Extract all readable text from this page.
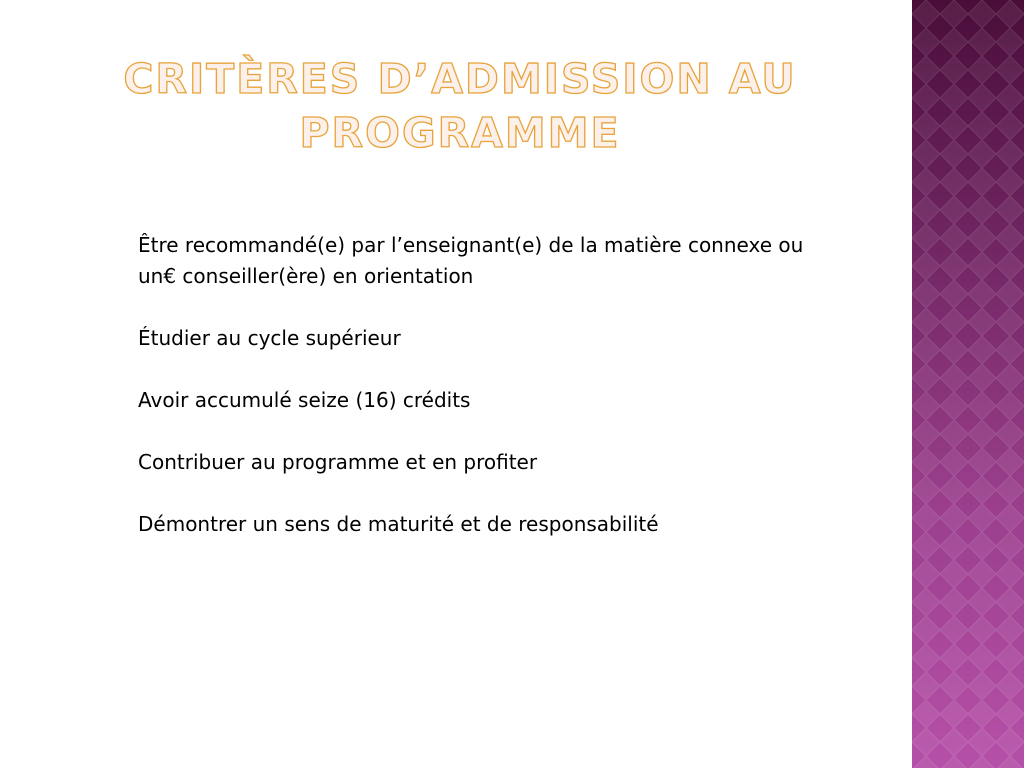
CRITÈRES D’ADMISSION AU PROGRAMME
Être recommandé(e) par l’enseignant(e) de la matière connexe ou un€ conseiller(ère) en orientation
Étudier au cycle supérieur
Avoir accumulé seize (16) crédits
Contribuer au programme et en profiter
Démontrer un sens de maturité et de responsabilité
